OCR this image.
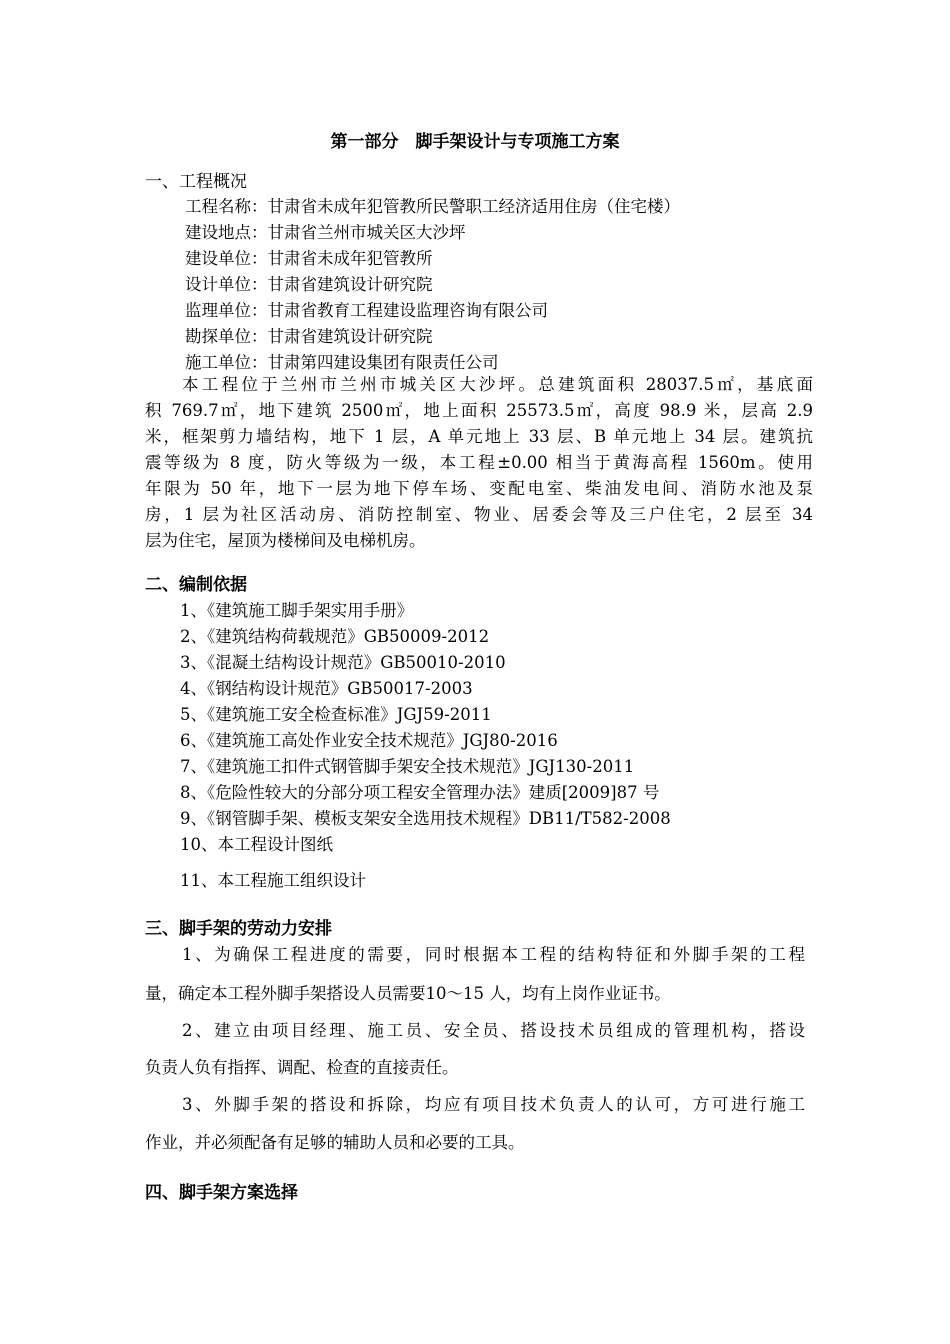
第一部分　脚手架设计与专项施工方案
一、工程概况
工程名称：甘肃省未成年犯管教所民警职工经济适用住房（住宅楼）
建设地点：甘肃省兰州市城关区大沙坪
建设单位：甘肃省未成年犯管教所
设计单位：甘肃省建筑设计研究院
监理单位：甘肃省教育工程建设监理咨询有限公司
勘探单位：甘肃省建筑设计研究院
施工单位：甘肃第四建设集团有限责任公司
本工程位于兰州市兰州市城关区大沙坪。总建筑面积 28037.5㎡，基底面
积 769.7㎡，地下建筑 2500㎡，地上面积 25573.5㎡，高度 98.9 米，层高 2.9
米，框架剪力墙结构，地下 1 层，A 单元地上 33 层、B 单元地上 34 层。建筑抗
震等级为 8 度，防火等级为一级，本工程±0.00 相当于黄海高程 1560m。使用
年限为 50 年，地下一层为地下停车场、变配电室、柴油发电间、消防水池及泵
房，1 层为社区活动房、消防控制室、物业、居委会等及三户住宅，2 层至 34
层为住宅，屋顶为楼梯间及电梯机房。
二、编制依据
1、《建筑施工脚手架实用手册》
2、《建筑结构荷载规范》GB50009-2012
3、《混凝土结构设计规范》GB50010-2010
4、《钢结构设计规范》GB50017-2003
5、《建筑施工安全检查标准》JGJ59-2011
6、《建筑施工高处作业安全技术规范》JGJ80-2016
7、《建筑施工扣件式钢管脚手架安全技术规范》JGJ130-2011
8、《危险性较大的分部分项工程安全管理办法》建质[2009]87 号
9、《钢管脚手架、模板支架安全选用技术规程》DB11/T582-2008
10、本工程设计图纸
11、本工程施工组织设计
三、脚手架的劳动力安排
1、为确保工程进度的需要，同时根据本工程的结构特征和外脚手架的工程
量，确定本工程外脚手架搭设人员需要10～15 人，均有上岗作业证书。
2、建立由项目经理、施工员、安全员、搭设技术员组成的管理机构，搭设
负责人负有指挥、调配、检查的直接责任。
3、外脚手架的搭设和拆除，均应有项目技术负责人的认可，方可进行施工
作业，并必须配备有足够的辅助人员和必要的工具。
四、脚手架方案选择
